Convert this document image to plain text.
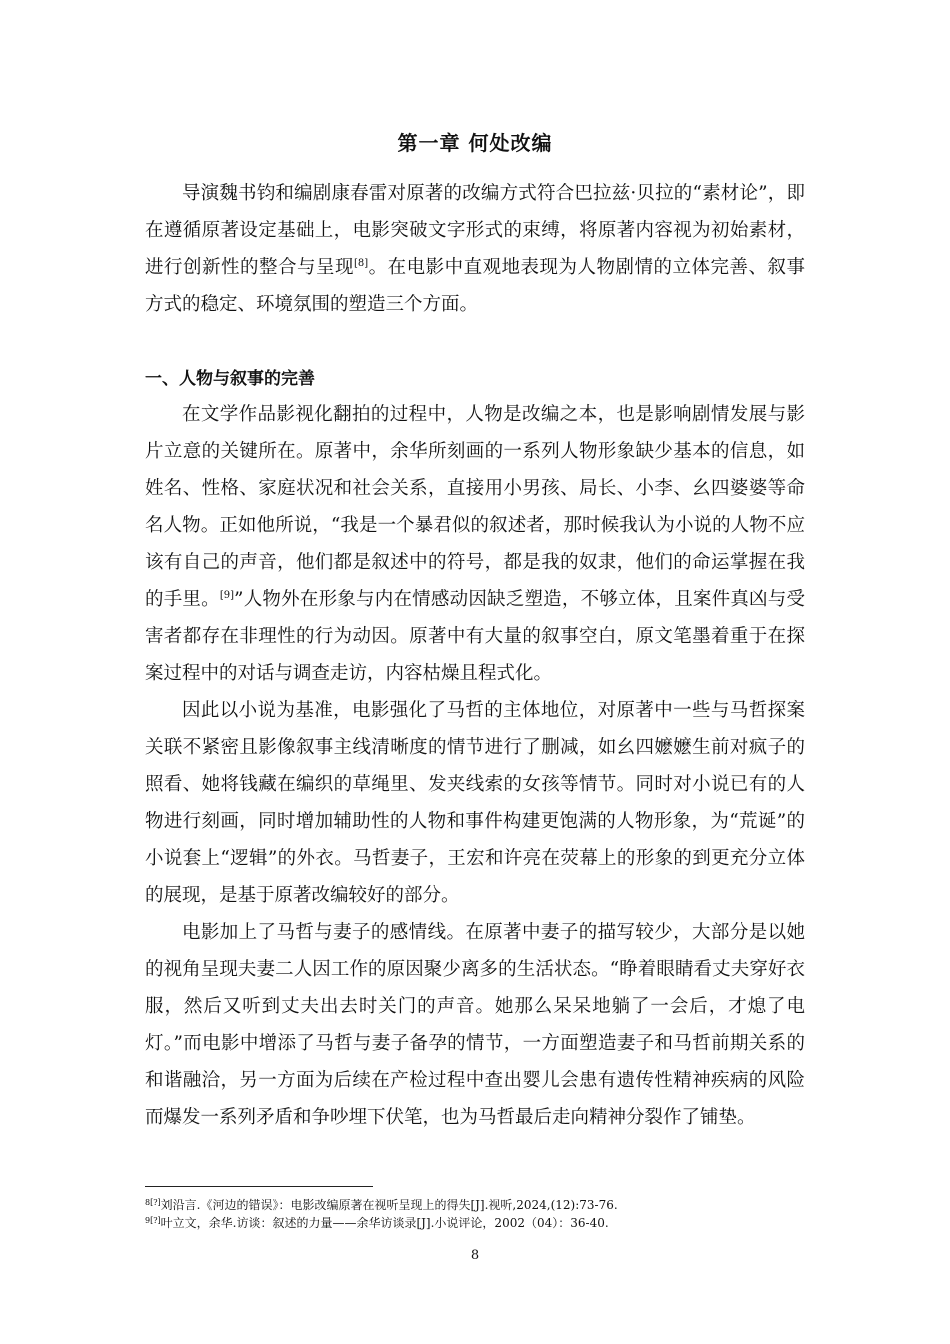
第一章 何处改编

导演魏书钧和编剧康春雷对原著的改编方式符合巴拉兹·贝拉的“素材论”，即在遵循原著设定基础上，电影突破文字形式的束缚，将原著内容视为初始素材，进行创新性的整合与呈现[8]。在电影中直观地表现为人物剧情的立体完善、叙事方式的稳定、环境氛围的塑造三个方面。

一、人物与叙事的完善

在文学作品影视化翻拍的过程中，人物是改编之本，也是影响剧情发展与影片立意的关键所在。原著中，余华所刻画的一系列人物形象缺少基本的信息，如姓名、性格、家庭状况和社会关系，直接用小男孩、局长、小李、幺四婆婆等命名人物。正如他所说，“我是一个暴君似的叙述者，那时候我认为小说的人物不应该有自己的声音，他们都是叙述中的符号，都是我的奴隶，他们的命运掌握在我的手里。[9]”人物外在形象与内在情感动因缺乏塑造，不够立体，且案件真凶与受害者都存在非理性的行为动因。原著中有大量的叙事空白，原文笔墨着重于在探案过程中的对话与调查走访，内容枯燥且程式化。

因此以小说为基准，电影强化了马哲的主体地位，对原著中一些与马哲探案关联不紧密且影像叙事主线清晰度的情节进行了删减，如幺四嬷嬷生前对疯子的照看、她将钱藏在编织的草绳里、发夹线索的女孩等情节。同时对小说已有的人物进行刻画，同时增加辅助性的人物和事件构建更饱满的人物形象，为“荒诞”的小说套上“逻辑”的外衣。马哲妻子，王宏和许亮在荧幕上的形象的到更充分立体的展现，是基于原著改编较好的部分。

电影加上了马哲与妻子的感情线。在原著中妻子的描写较少，大部分是以她的视角呈现夫妻二人因工作的原因聚少离多的生活状态。“睁着眼睛看丈夫穿好衣服，然后又听到丈夫出去时关门的声音。她那么呆呆地躺了一会后，才熄了电灯。”而电影中增添了马哲与妻子备孕的情节，一方面塑造妻子和马哲前期关系的和谐融洽，另一方面为后续在产检过程中查出婴儿会患有遗传性精神疾病的风险而爆发一系列矛盾和争吵埋下伏笔，也为马哲最后走向精神分裂作了铺垫。

$^{8[?]}$刘沿言.《河边的错误》：电影改编原著在视听呈现上的得失[J].视听,2024,(12):73-76.
$^{9[?]}$叶立文，余华.访谈：叙述的力量——余华访谈录[J].小说评论，2002（04）：36-40.
8
